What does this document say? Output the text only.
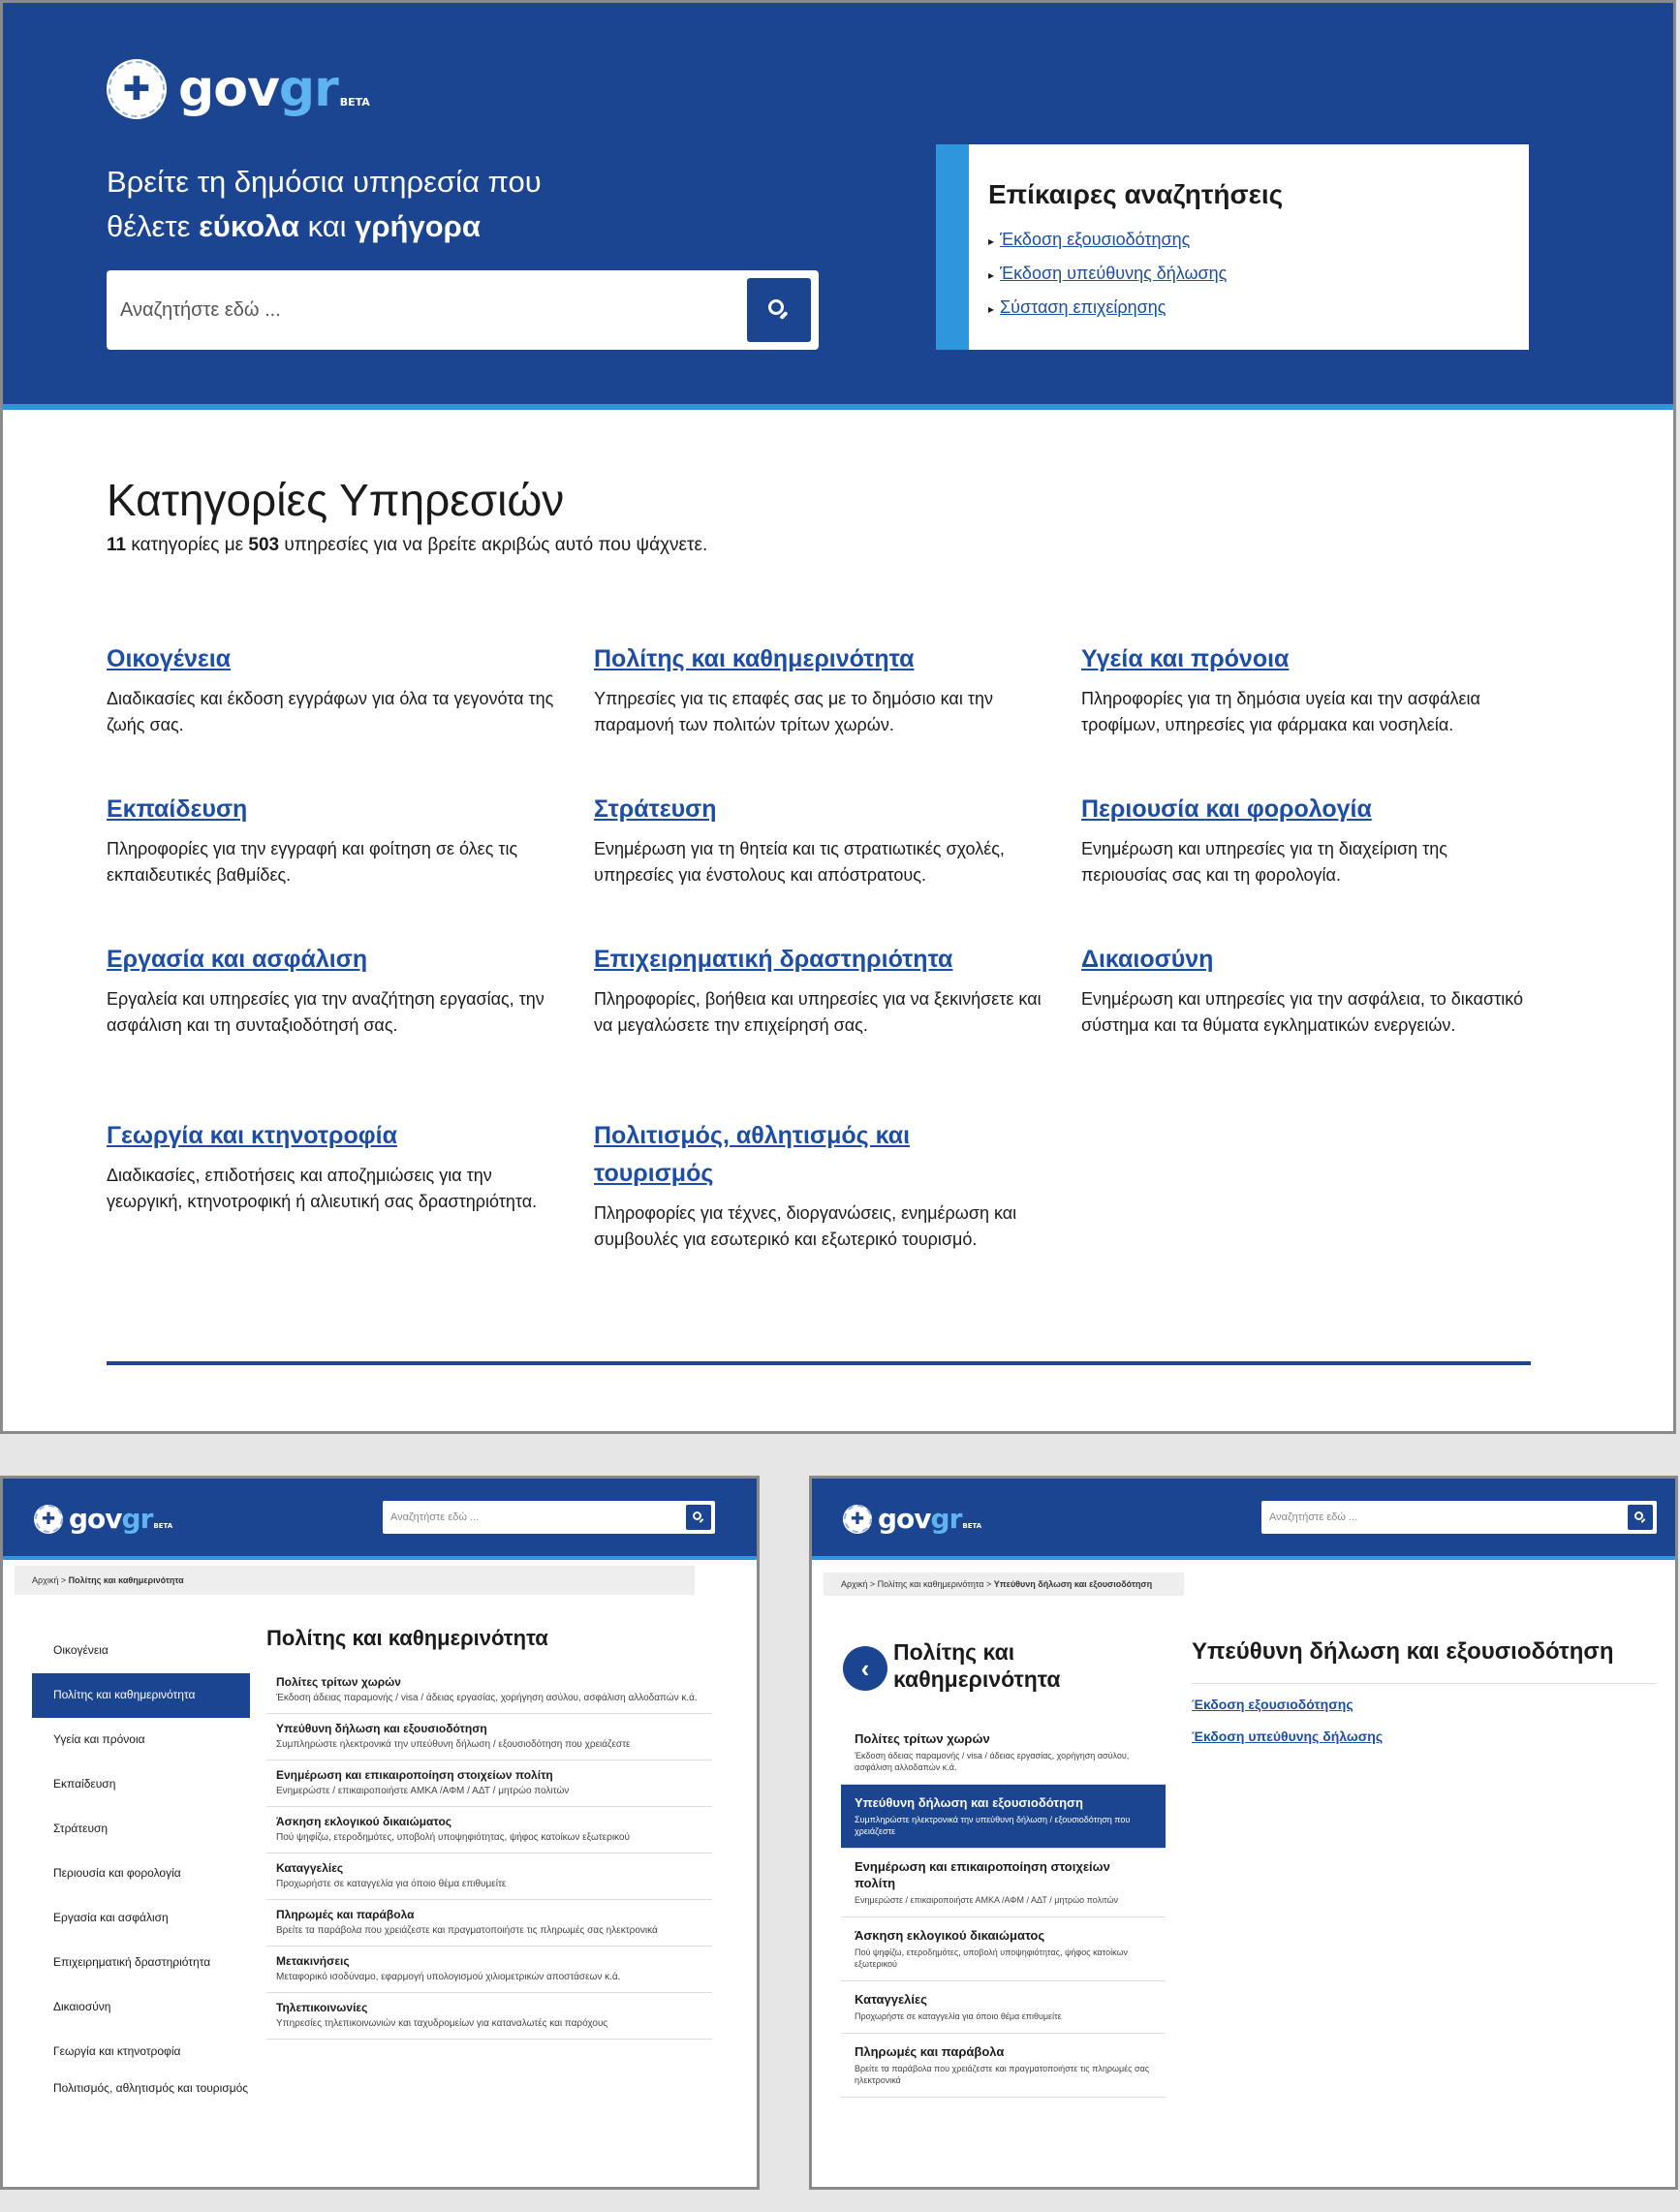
✚ govgr BETA
Βρείτε τη δημόσια υπηρεσία που
θέλετε εύκολα και γρήγορα
Αναζητήστε εδώ ...
Επίκαιρες αναζητήσεις
▸ Έκδοση εξουσιοδότησης
▸ Έκδοση υπεύθυνης δήλωσης
▸ Σύσταση επιχείρησης
Κατηγορίες Υπηρεσιών
11 κατηγορίες με 503 υπηρεσίες για να βρείτε ακριβώς αυτό που ψάχνετε.
Οικογένεια
Διαδικασίες και έκδοση εγγράφων για όλα τα γεγονότα της ζωής σας.
Πολίτης και καθημερινότητα
Υπηρεσίες για τις επαφές σας με το δημόσιο και την παραμονή των πολιτών τρίτων χωρών.
Υγεία και πρόνοια
Πληροφορίες για τη δημόσια υγεία και την ασφάλεια τροφίμων, υπηρεσίες για φάρμακα και νοσηλεία.
Εκπαίδευση
Πληροφορίες για την εγγραφή και φοίτηση σε όλες τις εκπαιδευτικές βαθμίδες.
Στράτευση
Ενημέρωση για τη θητεία και τις στρατιωτικές σχολές, υπηρεσίες για ένστολους και απόστρατους.
Περιουσία και φορολογία
Ενημέρωση και υπηρεσίες για τη διαχείριση της περιουσίας σας και τη φορολογία.
Εργασία και ασφάλιση
Εργαλεία και υπηρεσίες για την αναζήτηση εργασίας, την ασφάλιση και τη συνταξιοδότησή σας.
Επιχειρηματική δραστηριότητα
Πληροφορίες, βοήθεια και υπηρεσίες για να ξεκινήσετε και να μεγαλώσετε την επιχείρησή σας.
Δικαιοσύνη
Ενημέρωση και υπηρεσίες για την ασφάλεια, το δικαστικό σύστημα και τα θύματα εγκληματικών ενεργειών.
Γεωργία και κτηνοτροφία
Διαδικασίες, επιδοτήσεις και αποζημιώσεις για την γεωργική, κτηνοτροφική ή αλιευτική σας δραστηριότητα.
Πολιτισμός, αθλητισμός και τουρισμός
Πληροφορίες για τέχνες, διοργανώσεις, ενημέρωση και συμβουλές για εσωτερικό και εξωτερικό τουρισμό.
✚ govgr BETA
Αναζητήστε εδώ ...
Αρχική > Πολίτης και καθημερινότητα
Οικογένεια
Πολίτης και καθημερινότητα
Υγεία και πρόνοια
Εκπαίδευση
Στράτευση
Περιουσία και φορολογία
Εργασία και ασφάλιση
Επιχειρηματική δραστηριότητα
Δικαιοσύνη
Γεωργία και κτηνοτροφία
Πολιτισμός, αθλητισμός και τουρισμός
Πολίτης και καθημερινότητα
Πολίτες τρίτων χωρών
Έκδοση άδειας παραμονής / visa / άδειας εργασίας, χορήγηση ασύλου, ασφάλιση αλλοδαπών κ.ά.
Υπεύθυνη δήλωση και εξουσιοδότηση
Συμπληρώστε ηλεκτρονικά την υπεύθυνη δήλωση / εξουσιοδότηση που χρειάζεστε
Ενημέρωση και επικαιροποίηση στοιχείων πολίτη
Ενημερώστε / επικαιροποιήστε ΑΜΚΑ /ΑΦΜ / ΑΔΤ / μητρώο πολιτών
Άσκηση εκλογικού δικαιώματος
Πού ψηφίζω, ετεροδημότες, υποβολή υποψηφιότητας, ψήφος κατοίκων εξωτερικού
Καταγγελίες
Προχωρήστε σε καταγγελία για όποιο θέμα επιθυμείτε
Πληρωμές και παράβολα
Βρείτε τα παράβολα που χρειάζεστε και πραγματοποιήστε τις πληρωμές σας ηλεκτρονικά
Μετακινήσεις
Μεταφορικό ισοδύναμο, εφαρμογή υπολογισμού χιλιομετρικών αποστάσεων κ.ά.
Τηλεπικοινωνίες
Υπηρεσίες τηλεπικοινωνιών και ταχυδρομείων για καταναλωτές και παρόχους
✚ govgr BETA
Αναζητήστε εδώ ...
Αρχική > Πολίτης και καθημερινότητα > Υπεύθυνη δήλωση και εξουσιοδότηση
‹
Πολίτης και καθημερινότητα
Πολίτες τρίτων χωρών
Έκδοση άδειας παραμονής / visa / άδειας εργασίας, χορήγηση ασύλου, ασφάλιση αλλοδαπών κ.ά.
Υπεύθυνη δήλωση και εξουσιοδότηση
Συμπληρώστε ηλεκτρονικά την υπεύθυνη δήλωση / εξουσιοδότηση που χρειάζεστε
Ενημέρωση και επικαιροποίηση στοιχείων πολίτη
Ενημερώστε / επικαιροποιήστε ΑΜΚΑ /ΑΦΜ / ΑΔΤ / μητρώο πολιτών
Άσκηση εκλογικού δικαιώματος
Πού ψηφίζω, ετεροδημότες, υποβολή υποψηφιότητας, ψήφος κατοίκων εξωτερικού
Καταγγελίες
Προχωρήστε σε καταγγελία για όποιο θέμα επιθυμείτε
Πληρωμές και παράβολα
Βρείτε τα παράβολα που χρειάζεστε και πραγματοποιήστε τις πληρωμές σας ηλεκτρονικά
Υπεύθυνη δήλωση και εξουσιοδότηση
Έκδοση εξουσιοδότησης
Έκδοση υπεύθυνης δήλωσης
